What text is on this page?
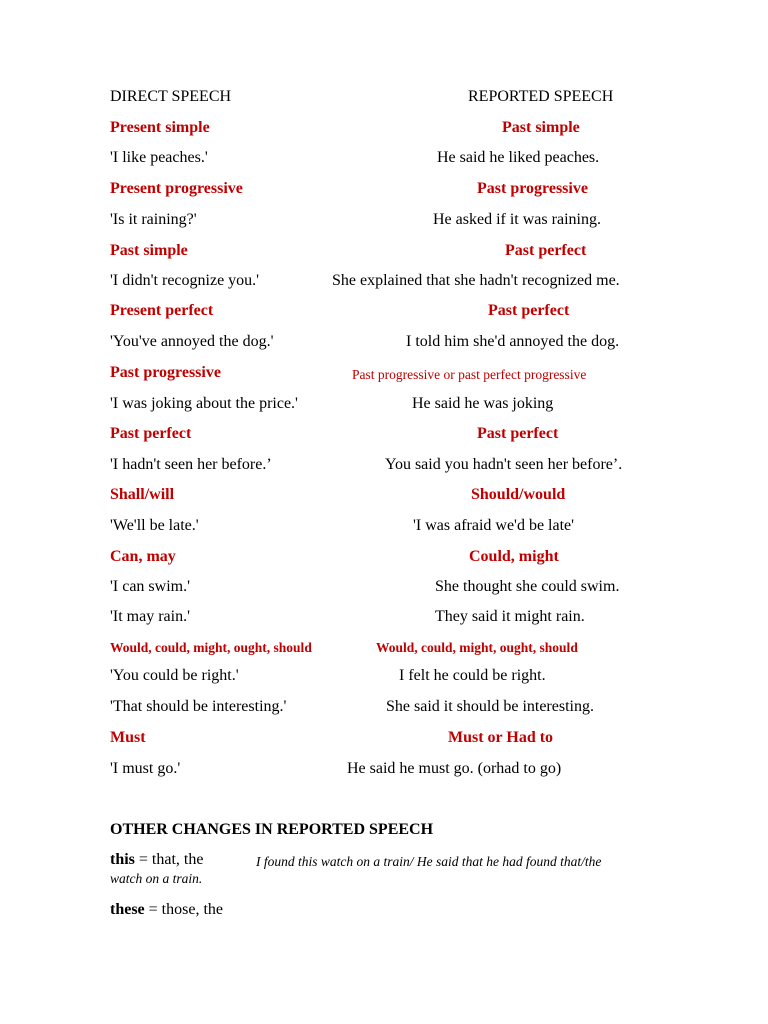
DIRECT SPEECH	REPORTED SPEECH
Present simple	Past simple
'I like peaches.'	He said he liked peaches.
Present progressive	Past progressive
'Is it raining?'	He asked if it was raining.
Past simple	Past perfect
'I didn't recognize you.'	She explained that she hadn't recognized me.
Present perfect	Past perfect
'You've annoyed the dog.'	I told him she'd annoyed the dog.
Past progressive	Past progressive or past perfect progressive
'I was joking about the price.'	He said he was joking
Past perfect	Past perfect
'I hadn't seen her before.’	You said you hadn't seen her before’.
Shall/will	Should/would
'We'll be late.'	'I was afraid we'd be late'
Can, may	Could, might
'I can swim.'	She thought she could swim.
'It may rain.'	They said it might rain.
Would, could, might, ought, should	Would, could, might, ought, should
'You could be right.'	I felt he could be right.
'That should be interesting.'	She said it should be interesting.
Must	Must or Had to
'I must go.'	He said he must go. (orhad to go)
OTHER CHANGES IN REPORTED SPEECH
this = that, the	I found this watch on a train/ He said that he had found that/the
watch on a train.
these = those, the
